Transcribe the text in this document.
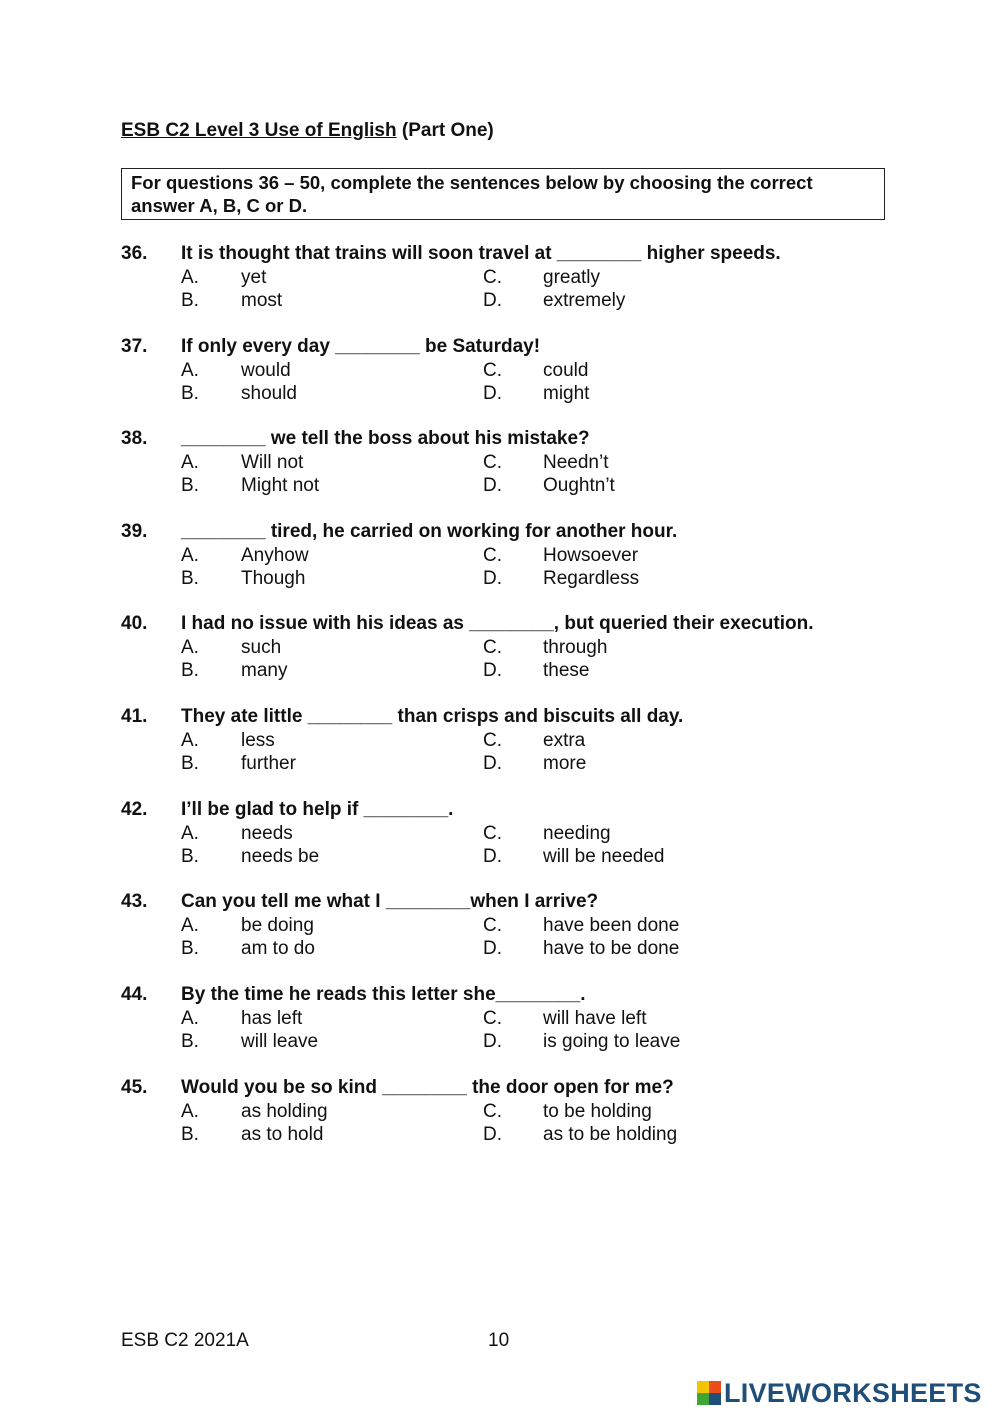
ESB C2 Level 3 Use of English (Part One)
For questions 36 – 50, complete the sentences below by choosing the correct answer A, B, C or D.
36. It is thought that trains will soon travel at ________ higher speeds.
A. yet	C. greatly
B. most	D. extremely
37. If only every day ________ be Saturday!
A. would	C. could
B. should	D. might
38. ________ we tell the boss about his mistake?
A. Will not	C. Needn’t
B. Might not	D. Oughtn’t
39. ________ tired, he carried on working for another hour.
A. Anyhow	C. Howsoever
B. Though	D. Regardless
40. I had no issue with his ideas as ________, but queried their execution.
A. such	C. through
B. many	D. these
41. They ate little ________ than crisps and biscuits all day.
A. less	C. extra
B. further	D. more
42. I’ll be glad to help if ________.
A. needs	C. needing
B. needs be	D. will be needed
43. Can you tell me what I ________when I arrive?
A. be doing	C. have been done
B. am to do	D. have to be done
44. By the time he reads this letter she________.
A. has left	C. will have left
B. will leave	D. is going to leave
45. Would you be so kind ________ the door open for me?
A. as holding	C. to be holding
B. as to hold	D. as to be holding
ESB C2 2021A	10
LIVEWORKSHEETS
